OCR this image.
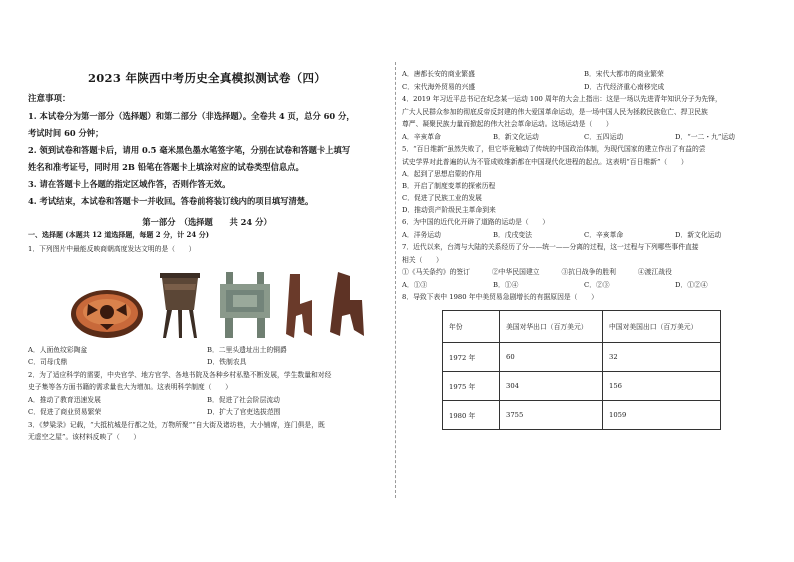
2023 年陕西中考历史全真模拟测试卷（四）
注意事项：

1. 本试卷分为第一部分（选择题）和第二部分（非选择题）。全卷共 4 页，总分 60 分，

考试时间 60 分钟；

2. 领到试卷和答题卡后，请用 0.5 毫米黑色墨水笔签字笔，分别在试卷和答题卡上填写

姓名和准考证号，同时用 2B 铅笔在答题卡上填涂对应的试卷类型信息点。

3. 请在答题卡上各题的指定区域作答，否则作答无效。

4. 考试结束，本试卷和答题卡一并收回。答卷前将装订线内的项目填写清楚。

第一部分　（选择题　　共 24 分）
一、选择题 (本题共 12 道选择题，每题 2 分，计 24 分)

1．下列图片中最能反映商朝高度发达文明的是（　　）

A．人面鱼纹彩陶盆	B．二里头遗址出土的铜爵
C．司母戊鼎	D．铁制农具

2．为了适应科学的需要，中央官学、地方官学、各地书院及各种乡村私塾不断发展，学生数量和对经

史子集等各方面书籍的需求量也大为增加。这表明科学制度（　　）

A．推动了教育迅速发展	B．促进了社会阶层流动
C．促进了商业贸易繁荣	D．扩大了官吏选拔范围

3．《梦粱录》记载，“大抵杭城是行都之处，万物所聚”“自大街及诸坊巷，大小铺席，连门俱是，既

无虚空之屋”。该材料反映了（　　）

A．唐都长安的商业繁盛	B．宋代大都市的商业繁荣
C．宋代海外贸易的兴盛	D．古代经济重心南移完成

4．2019 年习近平总书记在纪念某一运动 100 周年的大会上指出：这是一场以先进青年知识分子为先锋，

广大人民群众参加的彻底反帝反封建的伟大爱国革命运动，是一场中国人民为拯救民族危亡、捍卫民族

尊严、凝聚民族力量而掀起的伟大社会革命运动。这场运动是（　　）

A．辛亥革命	B．新文化运动	C．五四运动	D．“一二・九”运动

5．“百日维新”虽然失败了，但它毕竟触动了传统的中国政治体制，为现代国家的建立作出了有益的尝

试史学界对此普遍的认为不管成败维新都在中国现代化进程的起点。这表明“百日维新”（　　）

A．起到了思想启蒙的作用

B．开启了制度变革的探索历程

C．促进了民族工业的发展

D．推动资产阶级民主革命到来

6．为中国的近代化开辟了道路的运动是（　　）

A．洋务运动	B．戊戌变法	C．辛亥革命	D．新文化运动

7．近代以来，台湾与大陆的关系经历了分——统一——分离的过程，这一过程与下列哪些事件直接

相关（　　）

①《马关条约》的签订	②中华民国建立	③抗日战争的胜利	④渡江战役
A．①③	B．①④	C．②③	D．①②④

8．导致下表中 1980 年中美贸易急剧增长的有据原因是（　　）

年份	美国对华出口（百万美元）	中国对美国出口（百万美元）
1972 年	60	32
1975 年	304	156
1980 年	3755	1059
